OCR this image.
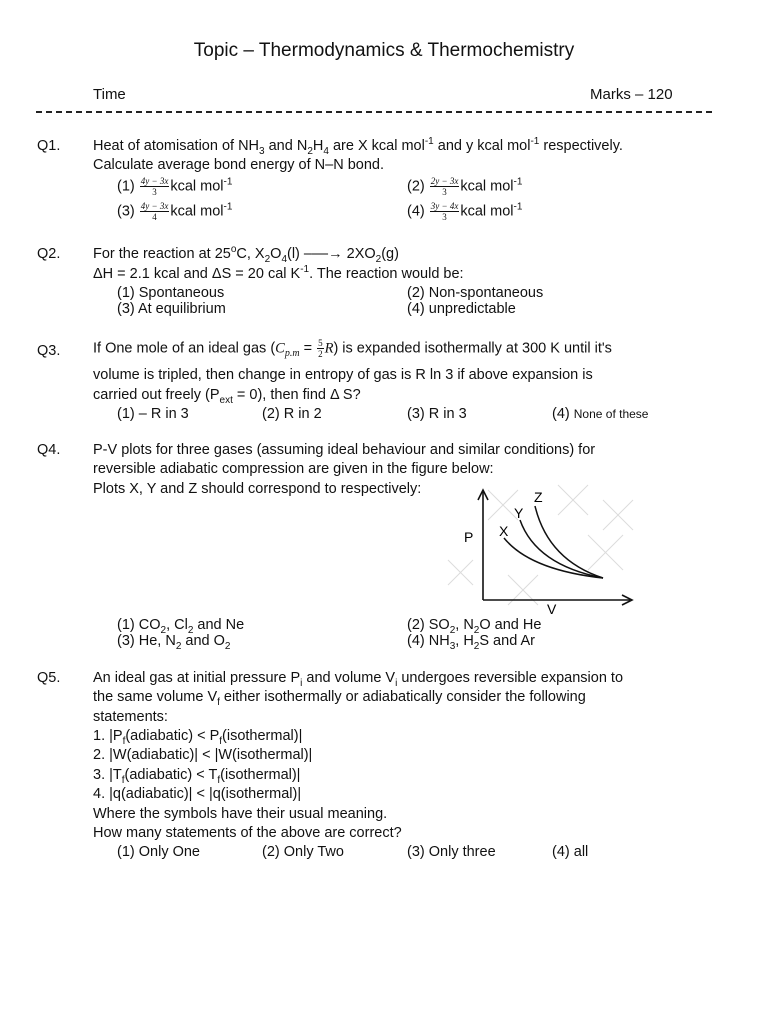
Topic – Thermodynamics & Thermochemistry
Time	Marks – 120
Q1. Heat of atomisation of $NH_3$ and $N_2H_4$ are X kcal mol$^{-1}$ and y kcal mol$^{-1}$ respectively.
Calculate average bond energy of N–N bond.
$(1) \frac{4y - 3x}{3}$ kcal mol$^{-1}$	$(2) \frac{2y - 3x}{3}$ kcal mol$^{-1}$
$(3) \frac{4y - 3x}{4}$ kcal mol$^{-1}$	$(4) \frac{3y - 4x}{3}$ kcal mol$^{-1}$
Q2. For the reaction at 25$^o$C, $X_2O_4(l)$ –––→ $2XO_2(g)$
ΔH = 2.1 kcal and ΔS = 20 cal $K^{-1}$. The reaction would be:
(1) Spontaneous	(2) Non-spontaneous
(3) At equilibrium	(4) unpredictable
Q3. If One mole of an ideal gas $(C_{p.m} = \frac{5}{2} R)$ is expanded isothermally at 300 K until it's
volume is tripled, then change in entropy of gas is R ln 3 if above expansion is
carried out freely $(P_{ext} = 0)$, then find Δ S?
(1) – R in 3	(2) R in 2	(3) R in 3	(4) None of these
Q4. P-V plots for three gases (assuming ideal behaviour and similar conditions) for
reversible adiabatic compression are given in the figure below:
Plots X, Y and Z should correspond to respectively:
P
V
X
Y
Z
(1) $CO_2$, $Cl_2$ and Ne	(2) $SO_2$, $N_2O$ and He
(3) He, $N_2$ and $O_2$	(4) $NH_3$, $H_2S$ and Ar
Q5. An ideal gas at initial pressure $P_i$ and volume $V_i$ undergoes reversible expansion to
the same volume $V_f$ either isothermally or adiabatically consider the following
statements:
1. $|P_f(adiabatic)$ < $P_f(isothermal)|$
2. |W(adiabatic)| < |W(isothermal)|
3. $|T_f(adiabatic)$ < $T_f(isothermal)|$
4. |q(adiabatic)| < |q(isothermal)|
Where the symbols have their usual meaning.
How many statements of the above are correct?
(1) Only One	(2) Only Two	(3) Only three	(4) all
